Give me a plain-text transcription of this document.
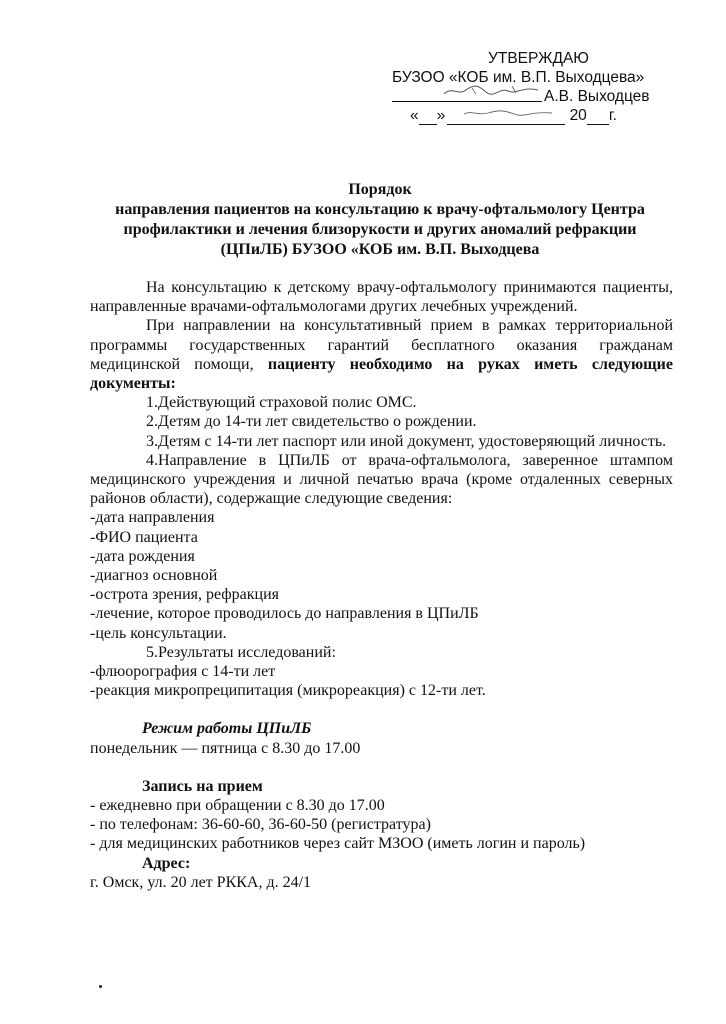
УТВЕРЖДАЮ
БУЗОО «КОБ им. В.П. Выходцева»
А.В. Выходцев
« »	20 г.
Порядок
направления пациентов на консультацию к врачу-офтальмологу Центра
профилактики и лечения близорукости и других аномалий рефракции
(ЦПиЛБ) БУЗОО «КОБ им. В.П. Выходцева

На консультацию к детскому врачу-офтальмологу принимаются пациенты, направленные врачами-офтальмологами других лечебных учреждений.

При направлении на консультативный прием в рамках территориальной программы государственных гарантий бесплатного оказания гражданам медицинской помощи, пациенту необходимо на руках иметь следующие документы:

1.Действующий страховой полис ОМС.

2.Детям до 14-ти лет свидетельство о рождении.

3.Детям с 14-ти лет паспорт или иной документ, удостоверяющий личность.

4.Направление в ЦПиЛБ от врача-офтальмолога, заверенное штампом медицинского учреждения и личной печатью врача (кроме отдаленных северных районов области), содержащие следующие сведения:

-дата направления

-ФИО пациента

-дата рождения

-диагноз основной

-острота зрения, рефракция

-лечение, которое проводилось до направления в ЦПиЛБ

-цель консультации.

5.Результаты исследований:

-флюорография с 14-ти лет

-реакция микропреципитация (микрореакция) с 12-ти лет.

Режим работы ЦПиЛБ

понедельник — пятница с 8.30 до 17.00

Запись на прием

- ежедневно при обращении с 8.30 до 17.00

- по телефонам: 36-60-60, 36-60-50 (регистратура)

- для медицинских работников через сайт МЗОО (иметь логин и пароль)

Адрес:

г. Омск, ул. 20 лет РККА, д. 24/1
